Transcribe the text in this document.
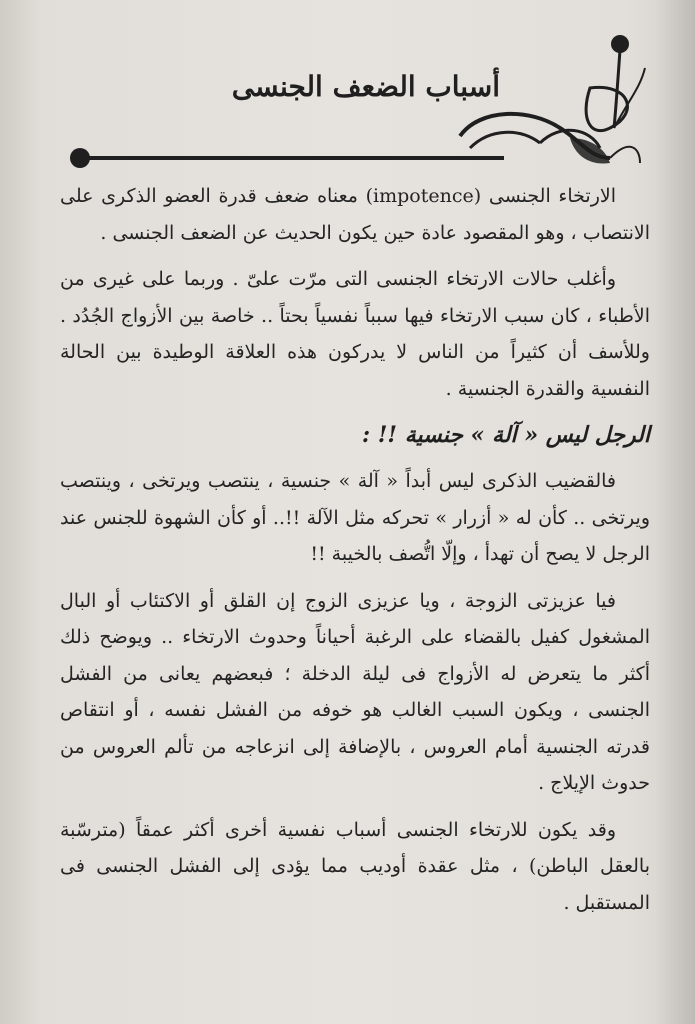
أسباب الضعف الجنسى

الارتخاء الجنسى (impotence) معناه ضعف قدرة العضو الذكرى على الانتصاب ، وهو المقصود عادة حين يكون الحديث عن الضعف الجنسى .

وأغلب حالات الارتخاء الجنسى التى مرّت علىّ . وربما على غيرى من الأطباء ، كان سبب الارتخاء فيها سبباً نفسياً بحتاً .. خاصة بين الأزواج الجُدُد . وللأسف أن كثيراً من الناس لا يدركون هذه العلاقة الوطيدة بين الحالة النفسية والقدرة الجنسية .

الرجل ليس « آلة » جنسية !! :

فالقضيب الذكرى ليس أبداً « آلة » جنسية ، ينتصب ويرتخى ، وينتصب ويرتخى .. كأن له « أزرار » تحركه مثل الآلة !!.. أو كأن الشهوة للجنس عند الرجل لا يصح أن تهدأ ، وإلّا اتُّصف بالخيبة !!

فيا عزيزتى الزوجة ، ويا عزيزى الزوج إن القلق أو الاكتئاب أو البال المشغول كفيل بالقضاء على الرغبة أحياناً وحدوث الارتخاء .. ويوضح ذلك أكثر ما يتعرض له الأزواج فى ليلة الدخلة ؛ فبعضهم يعانى من الفشل الجنسى ، ويكون السبب الغالب هو خوفه من الفشل نفسه ، أو انتقاص قدرته الجنسية أمام العروس ، بالإضافة إلى انزعاجه من تألم العروس من حدوث الإيلاج .

وقد يكون للارتخاء الجنسى أسباب نفسية أخرى أكثر عمقاً (مترسّبة بالعقل الباطن) ، مثل عقدة أوديب مما يؤدى إلى الفشل الجنسى فى المستقبل .
